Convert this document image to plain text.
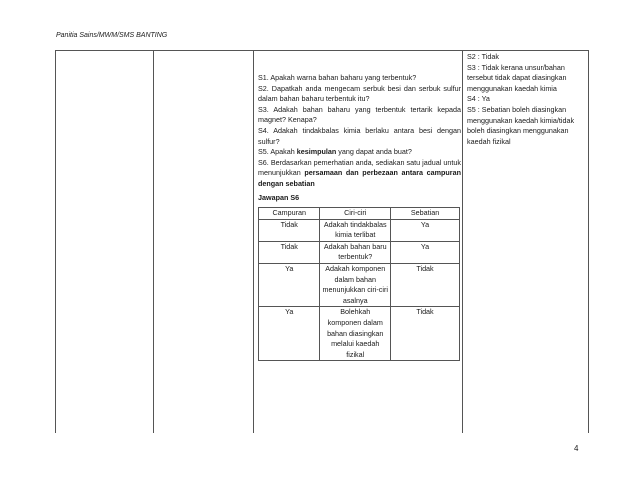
Panitia Sains/MWM/SMS BANTING

S1. Apakah warna bahan baharu yang terbentuk?

S2. Dapatkah anda mengecam serbuk besi dan serbuk sulfur dalam bahan baharu terbentuk itu?

S3. Adakah bahan baharu yang terbentuk tertarik kepada magnet? Kenapa?

S4. Adakah tindakbalas kimia berlaku antara besi dengan sulfur?

S5. Apakah kesimpulan yang dapat anda buat?

S6. Berdasarkan pemerhatian anda, sediakan satu jadual untuk menunjukkan persamaan dan perbezaan antara campuran dengan sebatian

Jawapan S6
Campuran	Ciri-ciri	Sebatian
Tidak	Adakah tindakbalas kimia terlibat	Ya
Tidak	Adakah bahan baru terbentuk?	Ya
Ya	Adakah komponen dalam bahan menunjukkan ciri-ciri asalnya	Tidak
Ya	Bolehkah komponen dalam bahan diasingkan melalui kaedah fizikal	Tidak

S2 : Tidak

S3 : Tidak kerana unsur/bahan tersebut tidak dapat diasingkan menggunakan kaedah kimia

S4 : Ya

S5 : Sebatian boleh diasingkan menggunakan kaedah kimia/tidak boleh diasingkan menggunakan kaedah fizikal

4
